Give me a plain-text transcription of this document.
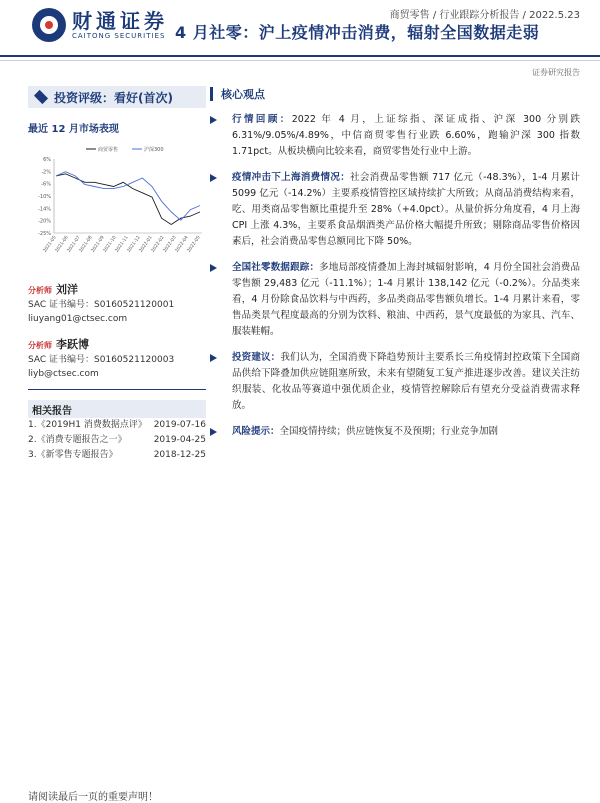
财通证券
CAITONG SECURITIES
商贸零售 / 行业跟踪分析报告 / 2022.5.23
4 月社零：沪上疫情冲击消费，辐射全国数据走弱
证券研究报告
投资评级：看好(首次)
最近 12 月市场表现
6%
-2%
-6%
-10%
-14%
-20%
-25%
2021-05
2021-06
2021-07
2021-08
2021-09
2021-10
2021-11
2021-12
2022-01
2022-02
2022-03
2022-04
2022-05
商贸零售	沪深300
分析师 刘洋
SAC 证书编号：S0160521120001
liuyang01@ctsec.com
分析师 李跃博
SAC 证书编号：S0160521120003
liyb@ctsec.com
相关报告
1.《2019H1 消费数据点评》 2019-07-16
2.《消费专题报告之一》	2019-04-25
3.《新零售专题报告》	2018-12-25
核心观点
行情回顾：2022 年 4 月，上证综指、深证成指、沪深 300 分别跌 6.31%/9.05%/4.89%，中信商贸零售行业跌 6.60%，跑输沪深 300 指数 1.71pct。从板块横向比较来看，商贸零售处行业中上游。
疫情冲击下上海消费情况：社会消费品零售额 717 亿元（-48.3%），1-4 月累计 5099 亿元（-14.2%）主要系疫情管控区域持续扩大所致；从商品消费结构来看，吃、用类商品零售额比重提升至 28%（+4.0pct）。从量价拆分角度看，4 月上海 CPI 上涨 4.3%，主要系食品烟酒类产品价格大幅提升所致；剔除商品零售价格因素后，社会消费品零售总额同比下降 50%。
全国社零数据跟踪：多地局部疫情叠加上海封城辐射影响，4 月份全国社会消费品零售额 29,483 亿元（-11.1%）；1-4 月累计 138,142 亿元（-0.2%）。分品类来看，4 月份除食品饮料与中西药，多品类商品零售额负增长。1-4 月累计来看，零售品类景气程度最高的分别为饮料、粮油、中西药，景气度最低的为家具、汽车、服装鞋帽。
投资建议：我们认为，全国消费下降趋势预计主要系长三角疫情封控政策下全国商品供给下降叠加供应链阻塞所致，未来有望随复工复产推进逐步改善。建议关注纺织服装、化妆品等赛道中强优质企业，疫情管控解除后有望充分受益消费需求释放。
风险提示：全国疫情持续；供应链恢复不及预期；行业竞争加剧
请阅读最后一页的重要声明！
